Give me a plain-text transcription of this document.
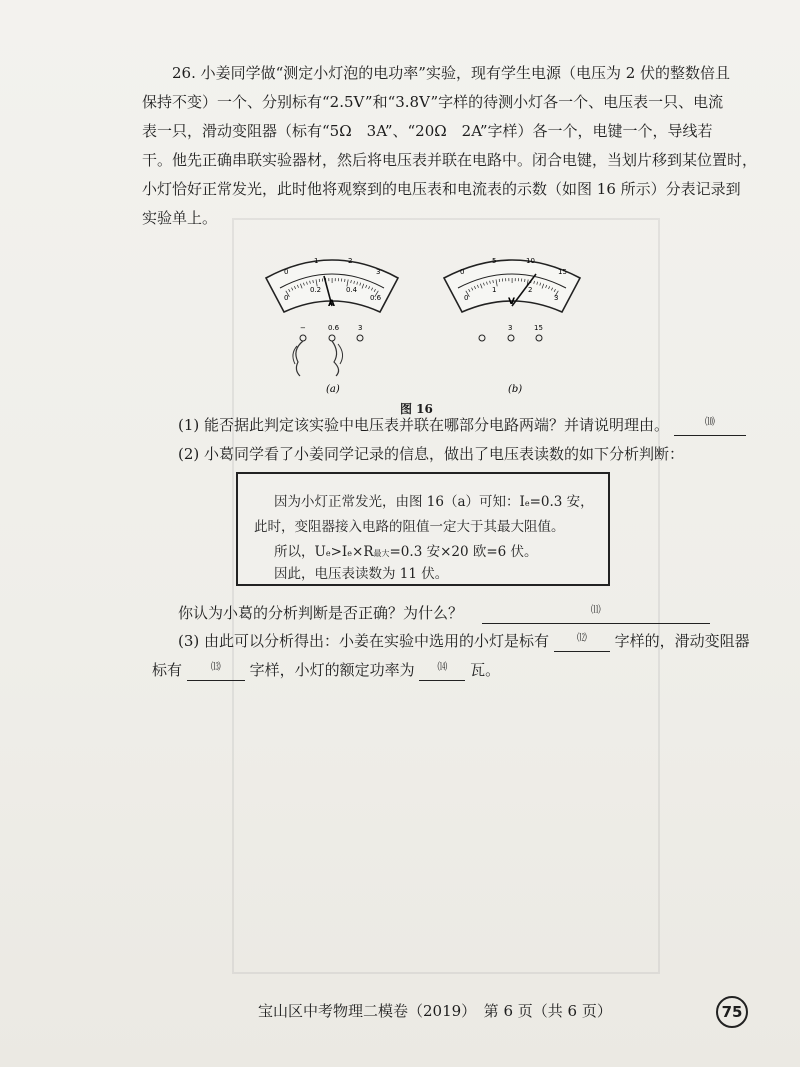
26. 小姜同学做“测定小灯泡的电功率”实验，现有学生电源（电压为 2 伏的整数倍且
保持不变）一个、分别标有“2.5V”和“3.8V”字样的待测小灯各一个、电压表一只、电流
表一只，滑动变阻器（标有“5Ω　3A”、“20Ω　2A”字样）各一个，电键一个，导线若
干。他先正确串联实验器材，然后将电压表并联在电路中。闭合电键，当划片移到某位置时，
小灯恰好正常发光，此时他将观察到的电压表和电流表的示数（如图 16 所示）分表记录到
实验单上。
A
0
1	2
3
0
0.2	0.4
0.6
−	0.6	3
(a)
V
0
5	10
15
0
1	2
3
3	15
(b)
图 16
(1) 能否据此判定该实验中电压表并联在哪部分电路两端？并请说明理由。	⑽
(2) 小葛同学看了小姜同学记录的信息，做出了电压表读数的如下分析判断：
因为小灯正常发光，由图 16（a）可知：Ie=0.3 安，
此时，变阻器接入电路的阻值一定大于其最大阻值。
所以，Ue>Ie×R最大=0.3 安×20 欧=6 伏。
因此，电压表读数为 11 伏。
你认为小葛的分析判断是否正确？为什么？	⑾
(3) 由此可以分析得出：小姜在实验中选用的小灯是标有	⑿ 字样的，滑动变阻器
标有	⒀ 字样，小灯的额定功率为 ⒁ 瓦。
宝山区中考物理二模卷（2019）　第 6 页（共 6 页）	75
